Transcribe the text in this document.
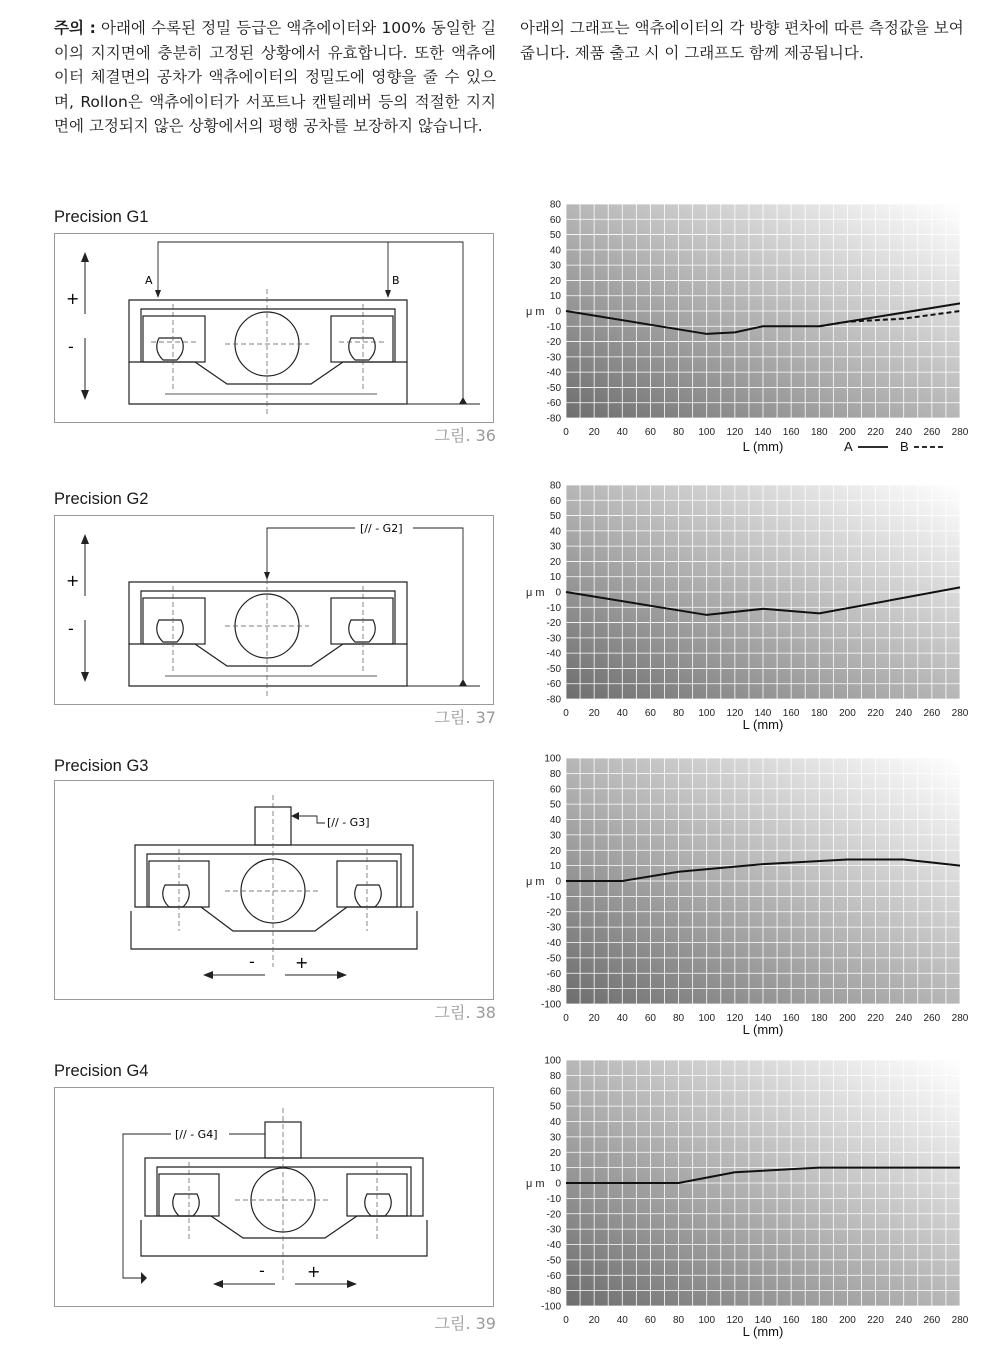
주의 : 아래에 수록된 정밀 등급은 액츄에이터와 100% 동일한 길이의 지지면에 충분히 고정된 상황에서 유효합니다. 또한 액츄에이터 체결면의 공차가 액츄에이터의 정밀도에 영향을 줄 수 있으며, Rollon은 액츄에이터가 서포트나 캔틸레버 등의 적절한 지지면에 고정되지 않은 상황에서의 평행 공차를 보장하지 않습니다.
아래의 그래프는 액츄에이터의 각 방향 편차에 따른 측정값을 보여줍니다. 제품 출고 시 이 그래프도 함께 제공됩니다.
Precision G1
Precision G2
Precision G3
Precision G4
A	B
+
-
그림. 36
[// - G2]
+
-
그림. 37
[// - G3]
-	+
그림. 38
[// - G4]
-	+
그림. 39
80
60
50
40
30
20
10
0
-10
-20
-30
-40
-50
-60
-80
0 20 40 60 80 100 120 140 160 180 200 220 240 260 280
μ m
L (mm)	A	B
80
60
50
40
30
20
10
0
-10
-20
-30
-40
-50
-60
-80
0 20 40 60 80 100 120 140 160 180 200 220 240 260 280
μ m
L (mm)
100
80
60
50
40
30
20
10
0
-10
-20
-30
-40
-50
-60
-80
-100
0 20 40 60 80 100 120 140 160 180 200 220 240 260 280
μ m
L (mm)
100
80
60
50
40
30
20
10
0
-10
-20
-30
-40
-50
-60
-80
-100
0 20 40 60 80 100 120 140 160 180 200 220 240 260 280
μ m
L (mm)
